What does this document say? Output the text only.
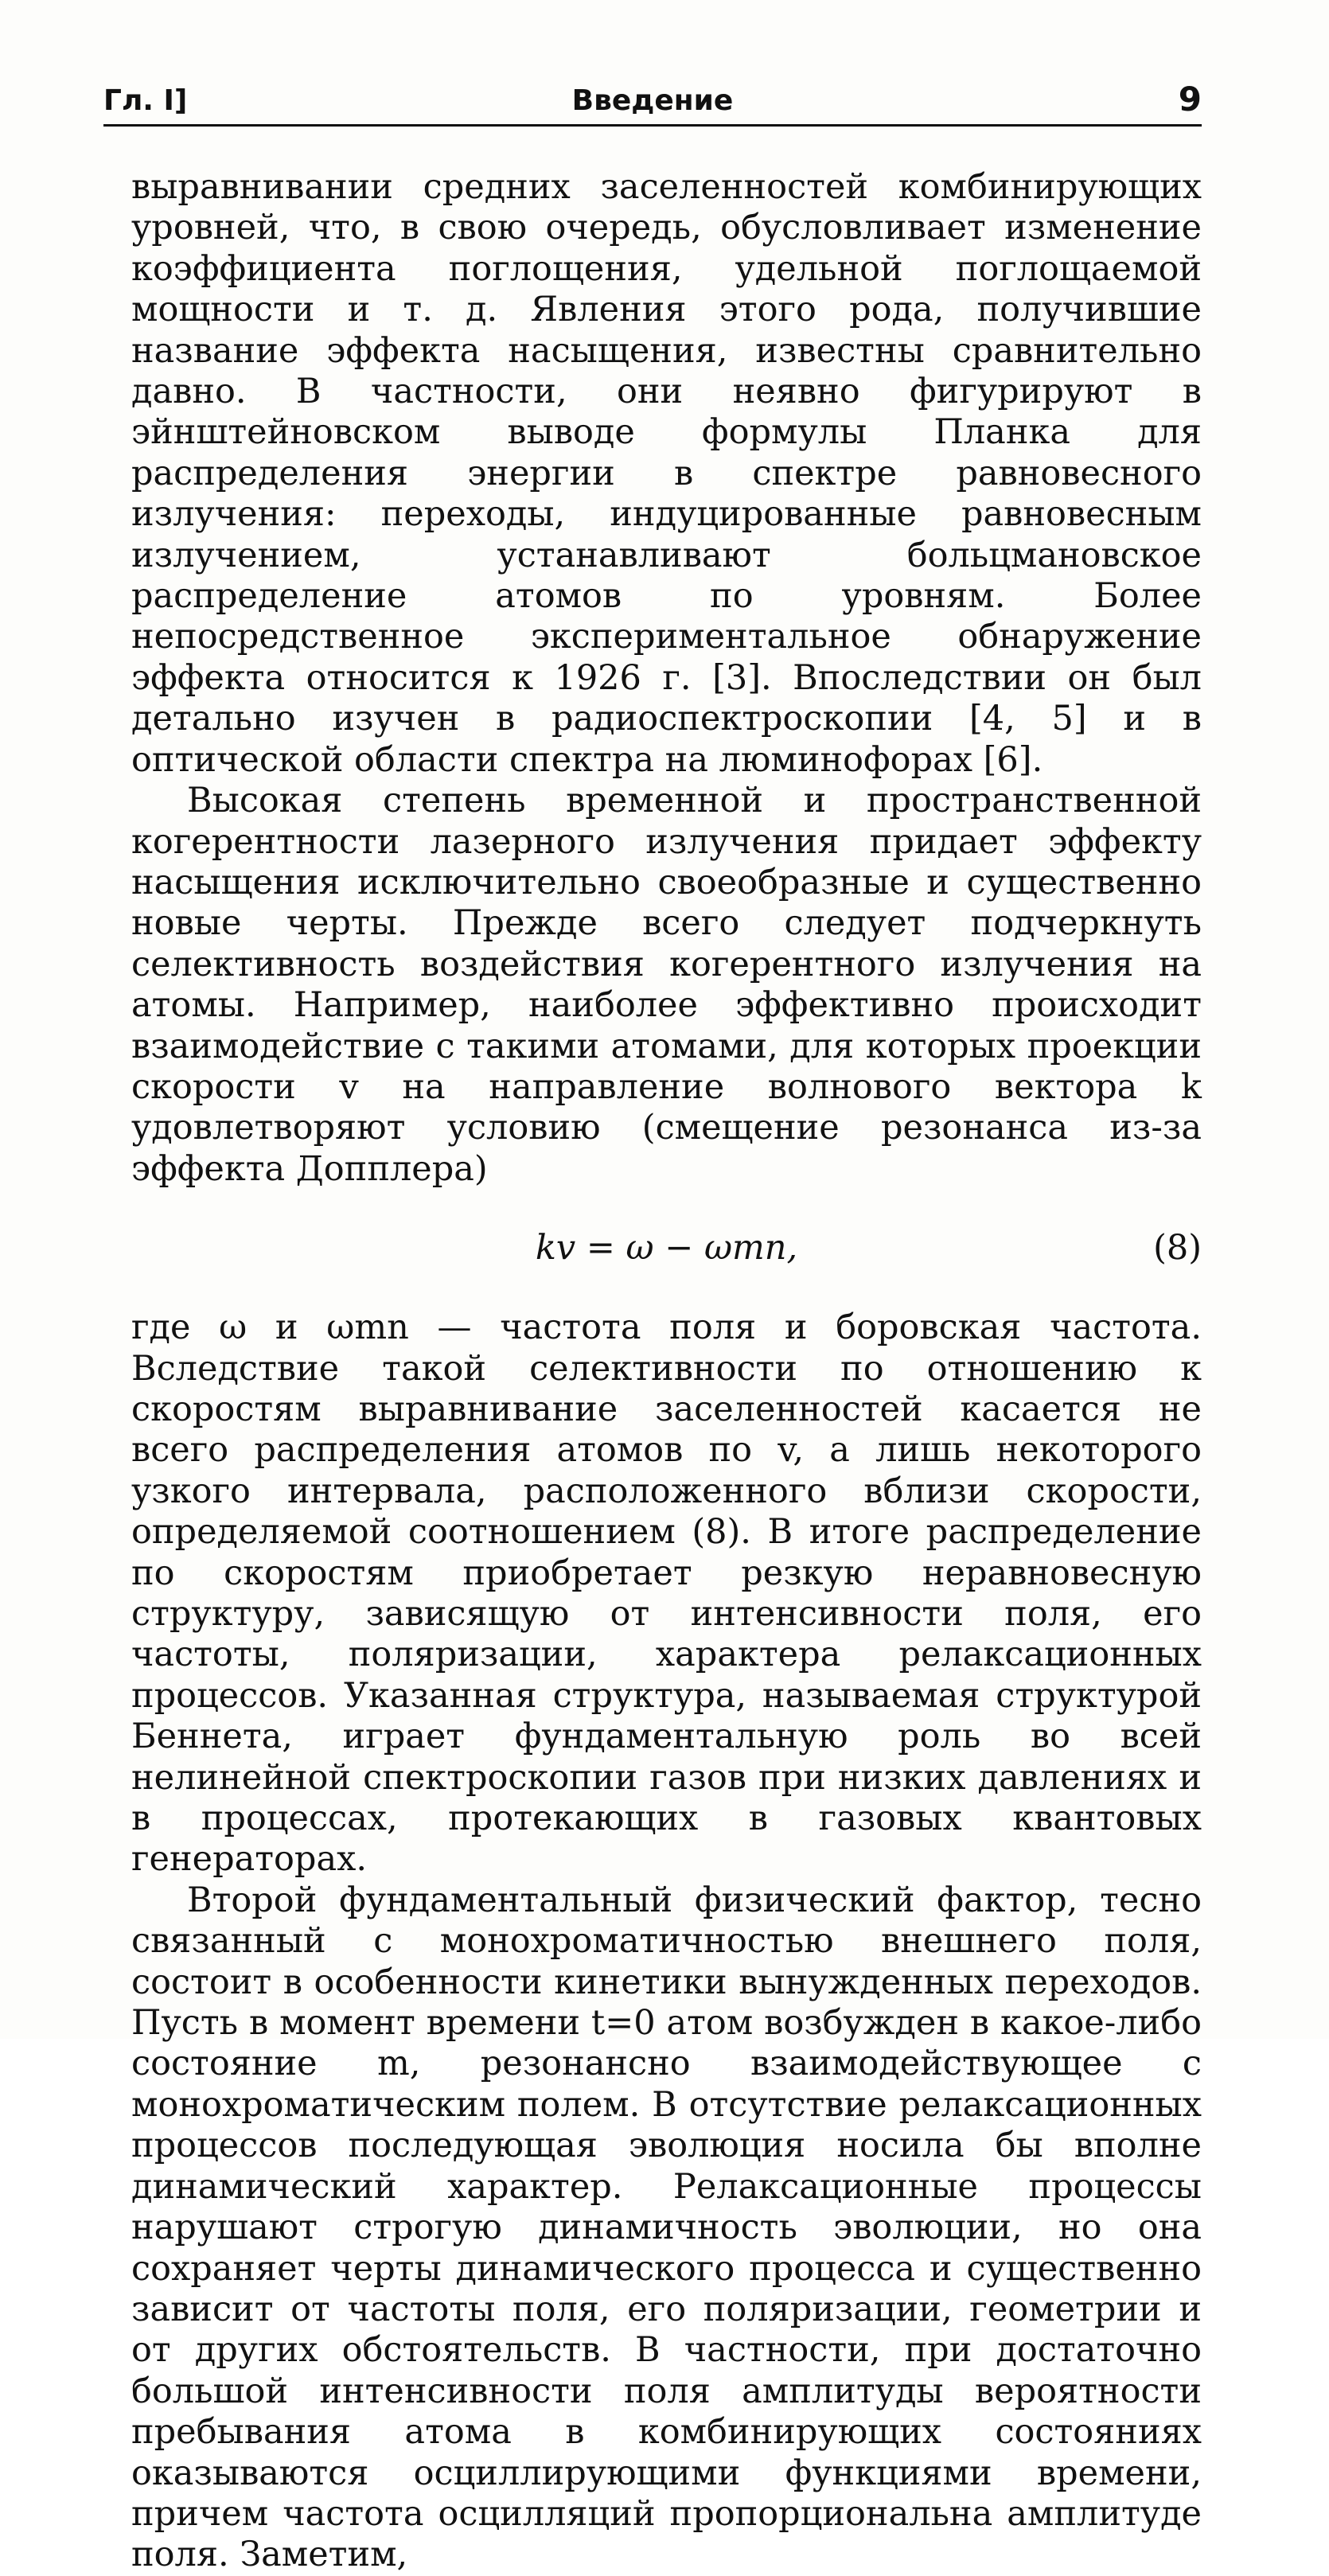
Гл. I]	Введение	9

выравнивании средних заселенностей комбинирующих уровней, что, в свою очередь, обусловливает изменение коэффициента поглощения, удельной поглощаемой мощности и т. д. Явления этого рода, получившие название эффекта насыщения, известны сравнительно давно. В частности, они неявно фигурируют в эйнштейновском выводе формулы Планка для распределения энергии в спектре равновесного излучения: переходы, индуцированные равновесным излучением, устанавливают больцмановское распределение атомов по уровням. Более непосредственное экспериментальное обнаружение эффекта относится к 1926 г. [3]. Впоследствии он был детально изучен в радиоспектроскопии [4, 5] и в оптической области спектра на люминофорах [6].

Высокая степень временной и пространственной когерентности лазерного излучения придает эффекту насыщения исключительно своеобразные и существенно новые черты. Прежде всего следует подчеркнуть селективность воздействия когерентного излучения на атомы. Например, наиболее эффективно происходит взаимодействие с такими атомами, для которых проекции скорости v на направление волнового вектора k удовлетворяют условию (смещение резонанса из-за эффекта Допплера)

kv = ω − ωmn,	(8)

где ω и ωmn — частота поля и боровская частота. Вследствие такой селективности по отношению к скоростям выравнивание заселенностей касается не всего распределения атомов по v, а лишь некоторого узкого интервала, расположенного вблизи скорости, определяемой соотношением (8). В итоге распределение по скоростям приобретает резкую неравновесную структуру, зависящую от интенсивности поля, его частоты, поляризации, характера релаксационных процессов. Указанная структура, называемая структурой Беннета, играет фундаментальную роль во всей нелинейной спектроскопии газов при низких давлениях и в процессах, протекающих в газовых квантовых генераторах.

Второй фундаментальный физический фактор, тесно связанный с монохроматичностью внешнего поля, состоит в особенности кинетики вынужденных переходов. Пусть в момент времени t=0 атом возбужден в какое-либо состояние m, резонансно взаимодействующее с монохроматическим полем. В отсутствие релаксационных процессов последующая эволюция носила бы вполне динамический характер. Релаксационные процессы нарушают строгую динамичность эволюции, но она сохраняет черты динамического процесса и существенно зависит от частоты поля, его поляризации, геометрии и от других обстоятельств. В частности, при достаточно большой интенсивности поля амплитуды вероятности пребывания атома в комбинирующих состояниях оказываются осциллирующими функциями времени, причем частота осцилляций пропорциональна амплитуде поля. Заметим,
